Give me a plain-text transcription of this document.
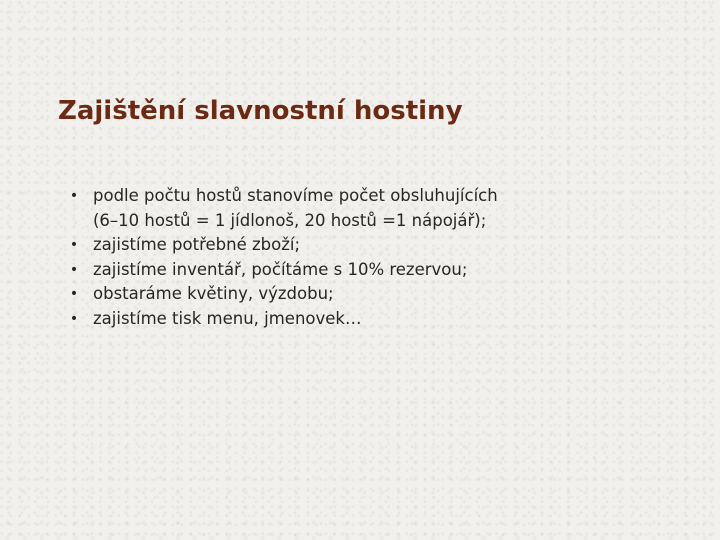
Zajištění slavnostní hostiny
• podle počtu hostů stanovíme počet obsluhujících
(6–10 hostů = 1 jídlonoš, 20 hostů =1 nápojář);
• zajistíme potřebné zboží;
• zajistíme inventář, počítáme s 10% rezervou;
• obstaráme květiny, výzdobu;
• zajistíme tisk menu, jmenovek…
